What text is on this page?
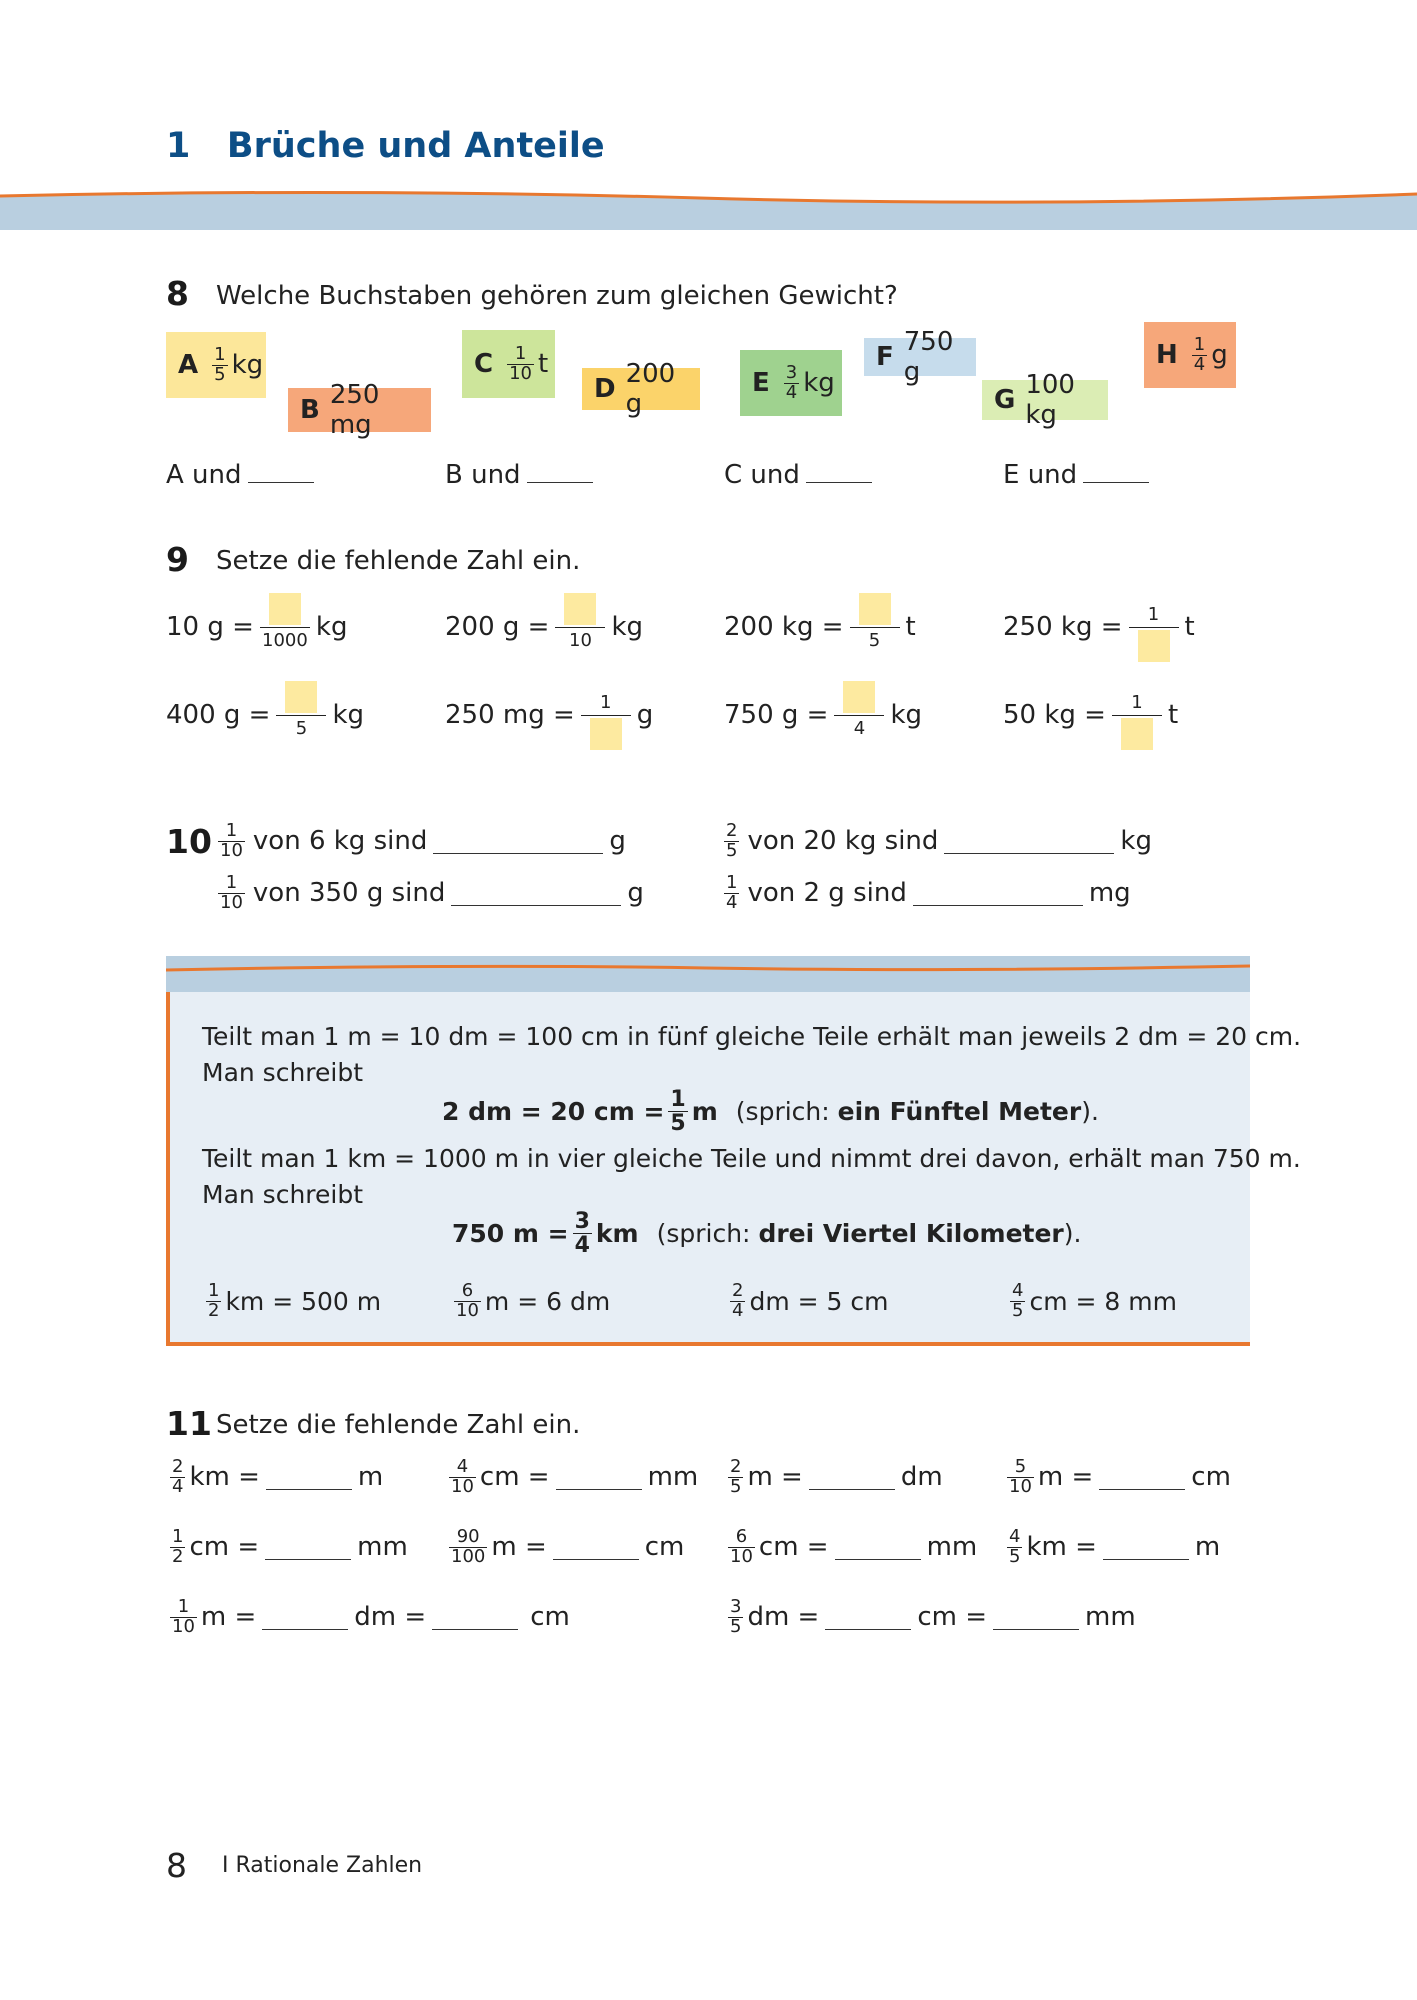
1 Brüche und Anteile
8 Welche Buchstaben gehören zum gleichen Gewicht?
A $\frac{1}{5}$ kg
B 250 mg
C $\frac{1}{10}$ t
D 200 g
E $\frac{3}{4}$ kg
F 750 g
G 100 kg
H $\frac{1}{4}$ g
A und	B und	C und	E und
9 Setze die fehlende Zahl ein.
10 g = 1000 kg	200 g = 10 kg	200 kg = 5 t	250 kg = 1 t
400 g = 5 kg	250 mg = 1 g	750 g = 4 kg	50 kg = 1 t
$10 \frac{1}{10}$ von 6 kg sind	g	$\frac{2}{5}$ von 20 kg sind	kg
$\frac{1}{10}$ von 350 g sind	g	$\frac{1}{4}$ von 2 g sind	mg
Teilt man 1 m = 10 dm = 100 cm in fünf gleiche Teile erhält man jeweils 2 dm = 20 cm.
Man schreibt
2 dm = 20 cm = $\frac{1}{5}$ m (sprich:
ein Fünftel Meter ).
Teilt man 1 km = 1000 m in vier gleiche Teile und nimmt drei davon, erhält man 750 m.
Man schreibt
750 $m = \frac{3}{4}$ km (sprich:
drei Viertel Kilometer ).
$\frac{1}{2}$ km = 500 m	$\frac{6}{10}$ m = 6 dm	$\frac{2}{4}$ dm = 5 cm	$\frac{4}{5}$ cm = 8 mm
11 Setze die fehlende Zahl ein.
$\frac{2}{4}$ km =	m	$\frac{4}{10}$ cm =	mm $\frac{2}{5}$ m =	dm	$\frac{5}{10}$ m =	cm
$\frac{1}{2}$ cm =	mm $\frac{90}{100}$ m =	cm $\frac{6}{10}$ cm =	mm $\frac{4}{5}$ km =	m
$\frac{1}{10}$ m =	dm =	cm	$\frac{3}{5}$ dm =	cm =	mm
8 I Rationale Zahlen
